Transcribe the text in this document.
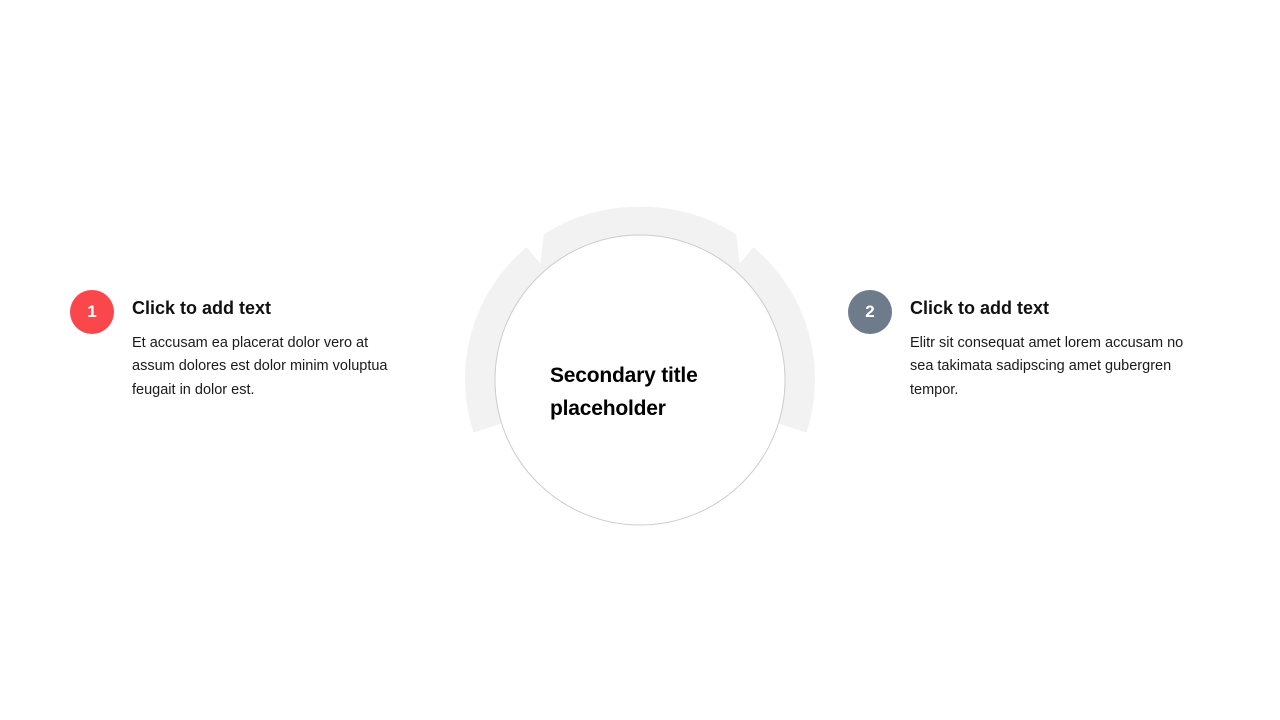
Secondary title placeholder
1	Click to add text

Et accusam ea placerat dolor vero at assum dolores est dolor minim voluptua feugait in dolor est.

2	Click to add text

Elitr sit consequat amet lorem accusam no sea takimata sadipscing amet gubergren tempor.
